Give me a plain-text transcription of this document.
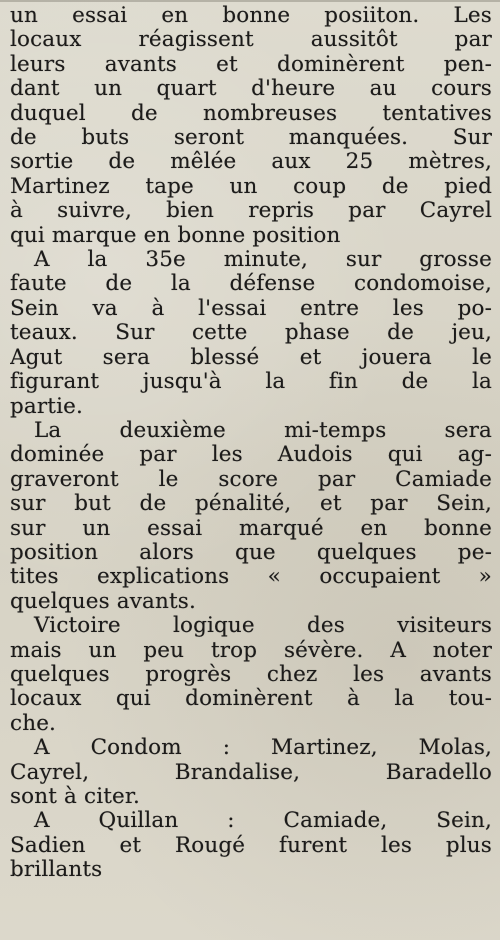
un essai en bonne posiiton. Les
locaux réagissent aussitôt par
leurs avants et dominèrent pen-
dant un quart d'heure au cours
duquel de nombreuses tentatives
de buts seront manquées. Sur
sortie de mêlée aux 25 mètres,
Martinez tape un coup de pied
à suivre, bien repris par Cayrel
qui marque en bonne position
A la 35e minute, sur grosse
faute de la défense condomoise,
Sein va à l'essai entre les po-
teaux. Sur cette phase de jeu,
Agut sera blessé et jouera le
figurant jusqu'à la fin de la
partie.
La deuxième mi-temps sera
dominée par les Audois qui ag-
graveront le score par Camiade
sur but de pénalité, et par Sein,
sur un essai marqué en bonne
position alors que quelques pe-
tites explications « occupaient »
quelques avants.
Victoire logique des visiteurs
mais un peu trop sévère. A noter
quelques progrès chez les avants
locaux qui dominèrent à la tou-
che.
A Condom : Martinez, Molas,
Cayrel, Brandalise, Baradello
sont à citer.
A Quillan : Camiade, Sein,
Sadien et Rougé furent les plus
brillants
